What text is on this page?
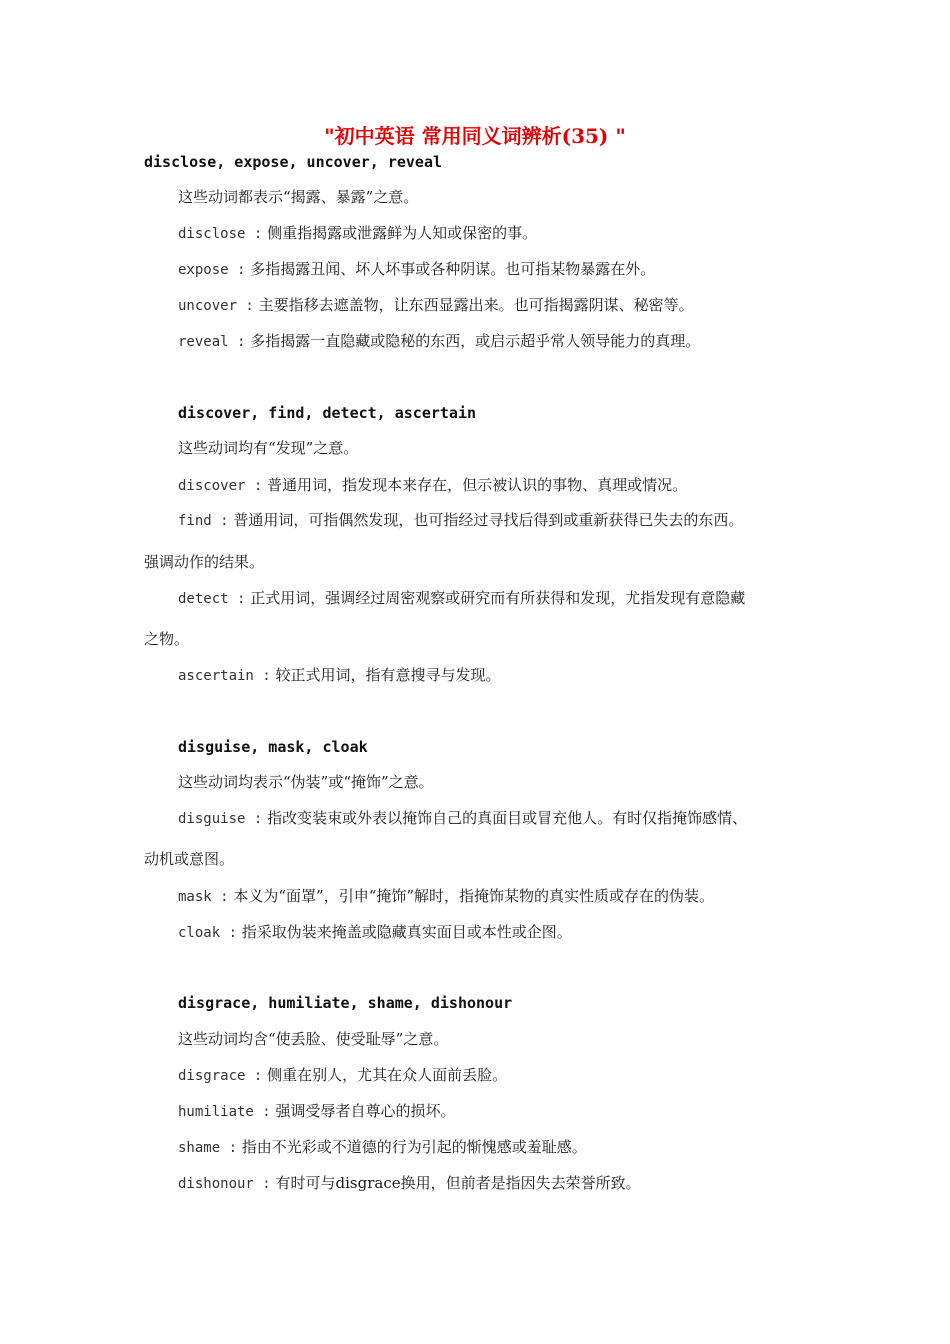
"初中英语 常用同义词辨析(35) "
disclose, expose, uncover, reveal
这些动词都表示“揭露、暴露”之意。
disclose : 侧重指揭露或泄露鲜为人知或保密的事。
expose : 多指揭露丑闻、坏人坏事或各种阴谋。也可指某物暴露在外。
uncover : 主要指移去遮盖物，让东西显露出来。也可指揭露阴谋、秘密等。
reveal : 多指揭露一直隐藏或隐秘的东西，或启示超乎常人领导能力的真理。
discover, find, detect, ascertain
这些动词均有“发现”之意。
discover : 普通用词，指发现本来存在，但示被认识的事物、真理或情况。
find : 普通用词，可指偶然发现，也可指经过寻找后得到或重新获得已失去的东西。
强调动作的结果。
detect : 正式用词，强调经过周密观察或研究而有所获得和发现，尤指发现有意隐藏
之物。
ascertain : 较正式用词，指有意搜寻与发现。
disguise, mask, cloak
这些动词均表示“伪装”或“掩饰”之意。
disguise : 指改变装束或外表以掩饰自己的真面目或冒充他人。有时仅指掩饰感情、
动机或意图。
mask : 本义为“面罩”，引申“掩饰”解时，指掩饰某物的真实性质或存在的伪装。
cloak : 指采取伪装来掩盖或隐藏真实面目或本性或企图。
disgrace, humiliate, shame, dishonour
这些动词均含“使丢脸、使受耻辱”之意。
disgrace : 侧重在别人，尤其在众人面前丢脸。
humiliate : 强调受辱者自尊心的损坏。
shame : 指由不光彩或不道德的行为引起的惭愧感或羞耻感。
dishonour : 有时可与disgrace换用，但前者是指因失去荣誉所致。
